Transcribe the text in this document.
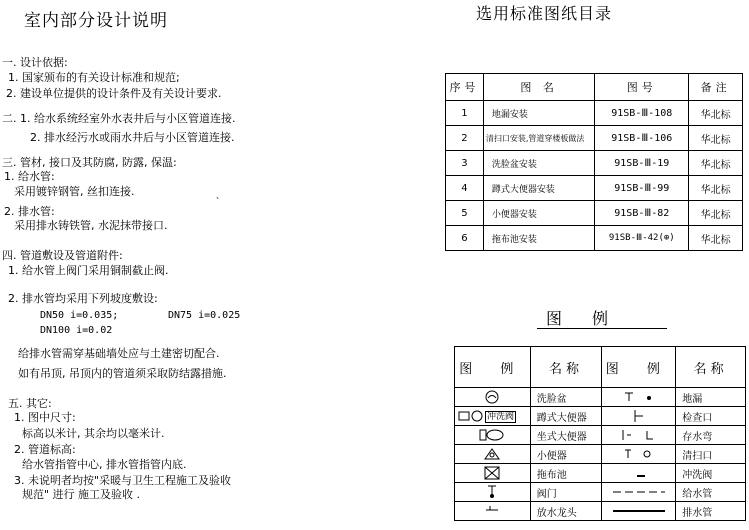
室内部分设计说明
一. 设计依据:
1. 国家颁布的有关设计标准和规范;
2. 建设单位提供的设计条件及有关设计要求.
二. 1. 给水系统经室外水表井后与小区管道连接.
2. 排水经污水或雨水井后与小区管道连接.
三. 管材, 接口及其防腐, 防露, 保温:
1. 给水管:
采用镀锌钢管, 丝扣连接.	、
2. 排水管:
采用排水铸铁管, 水泥抹带接口.
四. 管道敷设及管道附件:
1. 给水管上阀门采用铜制截止阀.
2. 排水管均采用下列坡度敷设:
DN50 i=0.035;	DN75 i=0.025
DN100 i=0.02
给排水管需穿基础墙处应与土建密切配合.
如有吊顶, 吊顶内的管道须采取防结露措施.
五. 其它:
1. 图中尺寸:
标高以米计, 其余均以毫米计.
2. 管道标高:
给水管指管中心, 排水管指管内底.
3. 未说明者均按"采暖与卫生工程施工及验收
规范" 进行 施工及验收 .
选用标准图纸目录
序号	图 名	图号	备注
1	地漏安装	91SB-Ⅲ-108	华北标
2	清扫口安装,管道穿楼板做法	91SB-Ⅲ-106	华北标
3	洗脸盆安装	91SB-Ⅲ-19	华北标
4	蹲式大便器安装	91SB-Ⅲ-99	华北标
5	小便器安装	91SB-Ⅲ-82	华北标
6	拖布池安装	91SB-Ⅲ-42(⊕)	华北标
图例
图 例	名称	图 例	名称
	洗脸盆		地漏
冲洗阀	蹲式大便器		检查口
	坐式大便器		存水弯
	小便器		清扫口
	拖布池		冲洗阀
	阀门		给水管
	放水龙头		排水管
